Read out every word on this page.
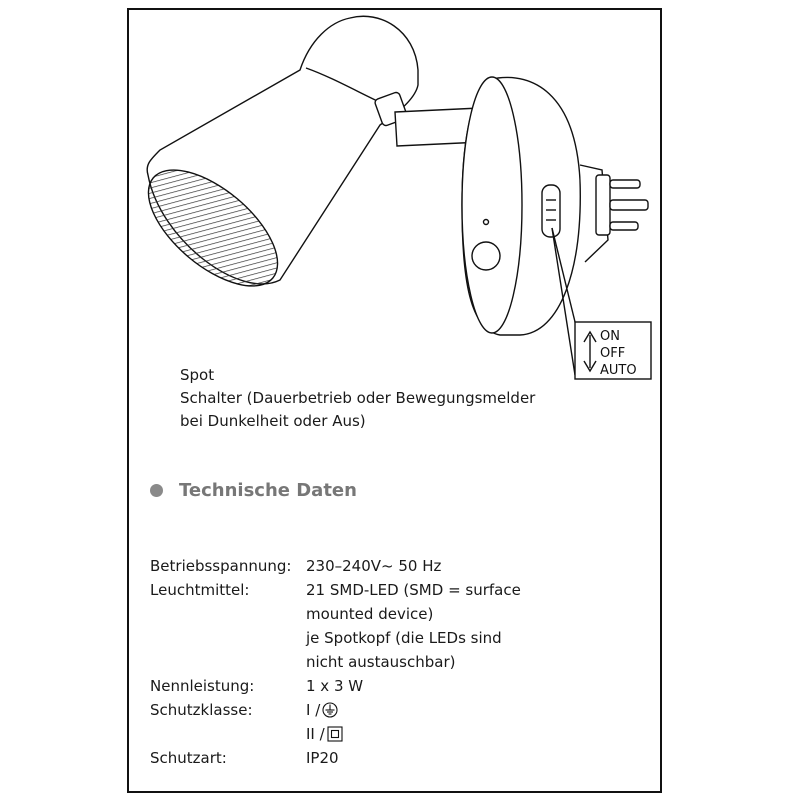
ON
OFF
AUTO
Spot
Schalter (Dauerbetrieb oder Bewegungsmelder
bei Dunkelheit oder Aus)
Technische Daten
Betriebsspannung: 230–240V~ 50 Hz
Leuchtmittel:	21 SMD-LED (SMD = surface
mounted device)
je Spotkopf (die LEDs sind
nicht austauschbar)
Nennleistung:	1 x 3 W
Schutzklasse:	I /
II /
Schutzart:	IP20
